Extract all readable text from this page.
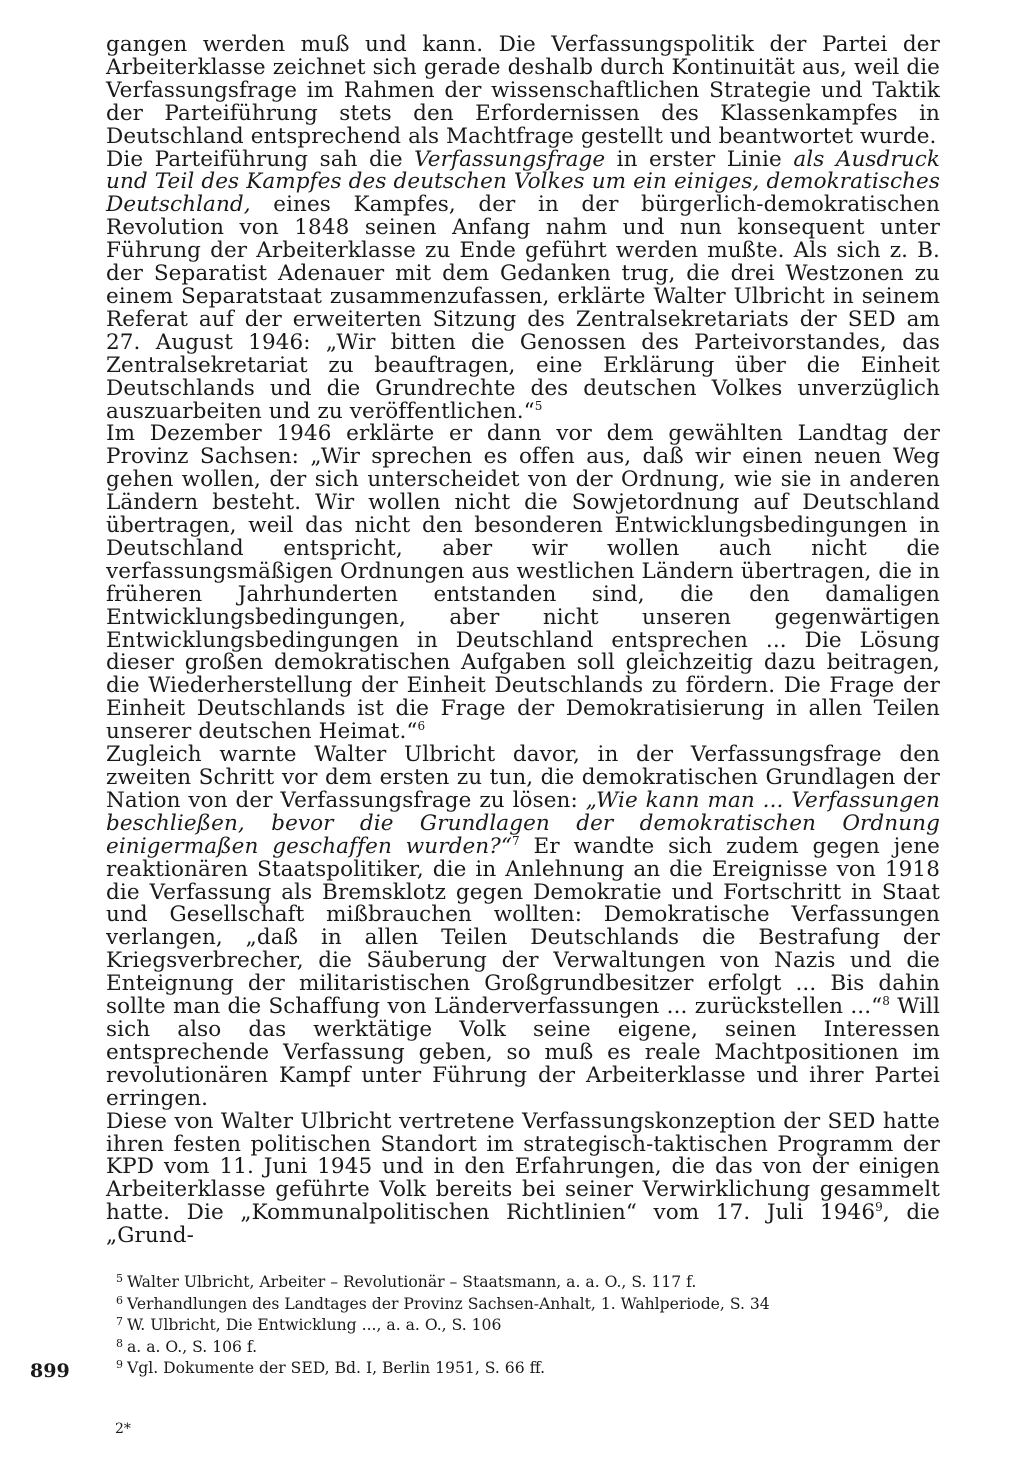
gangen werden muß und kann. Die Verfassungspolitik der Partei der Arbeiterklasse zeichnet sich gerade deshalb durch Kontinuität aus, weil die Verfassungsfrage im Rahmen der wissenschaftlichen Strategie und Taktik der Parteiführung stets den Erfordernissen des Klassenkampfes in Deutschland entsprechend als Machtfrage gestellt und beantwortet wurde.

Die Parteiführung sah die Verfassungsfrage in erster Linie als Ausdruck und Teil des Kampfes des deutschen Volkes um ein einiges, demokratisches Deutschland, eines Kampfes, der in der bürgerlich-demokratischen Revolution von 1848 seinen Anfang nahm und nun konsequent unter Führung der Arbeiterklasse zu Ende geführt werden mußte. Als sich z. B. der Separatist Adenauer mit dem Gedanken trug, die drei Westzonen zu einem Separatstaat zusammenzufassen, erklärte Walter Ulbricht in seinem Referat auf der erweiterten Sitzung des Zentralsekretariats der SED am 27. August 1946: „Wir bitten die Genossen des Parteivorstandes, das Zentralsekretariat zu beauftragen, eine Erklärung über die Einheit Deutschlands und die Grundrechte des deutschen Volkes unverzüglich auszuarbeiten und zu veröffentlichen.“$^5$

Im Dezember 1946 erklärte er dann vor dem gewählten Landtag der Provinz Sachsen: „Wir sprechen es offen aus, daß wir einen neuen Weg gehen wollen, der sich unterscheidet von der Ordnung, wie sie in anderen Ländern besteht. Wir wollen nicht die Sowjetordnung auf Deutschland übertragen, weil das nicht den besonderen Entwicklungsbedingungen in Deutschland entspricht, aber wir wollen auch nicht die verfassungsmäßigen Ordnungen aus westlichen Ländern übertragen, die in früheren Jahrhunderten entstanden sind, die den damaligen Entwicklungsbedingungen, aber nicht unseren gegenwärtigen Entwicklungsbedingungen in Deutschland entsprechen ... Die Lösung dieser großen demokratischen Aufgaben soll gleichzeitig dazu beitragen, die Wiederherstellung der Einheit Deutschlands zu fördern. Die Frage der Einheit Deutschlands ist die Frage der Demokratisierung in allen Teilen unserer deutschen Heimat.“$^6$

Zugleich warnte Walter Ulbricht davor, in der Verfassungsfrage den zweiten Schritt vor dem ersten zu tun, die demokratischen Grundlagen der Nation von der Verfassungsfrage zu lösen: „Wie kann man ... Verfassungen beschließen, bevor die Grundlagen der demokratischen Ordnung einigermaßen geschaffen wurden?“$^7$ Er wandte sich zudem gegen jene reaktionären Staatspolitiker, die in Anlehnung an die Ereignisse von 1918 die Verfassung als Bremsklotz gegen Demokratie und Fortschritt in Staat und Gesellschaft mißbrauchen wollten: Demokratische Verfassungen verlangen, „daß in allen Teilen Deutschlands die Bestrafung der Kriegsverbrecher, die Säuberung der Verwaltungen von Nazis und die Enteignung der militaristischen Großgrundbesitzer erfolgt ... Bis dahin sollte man die Schaffung von Länderverfassungen ... zurückstellen ...“$^8$ Will sich also das werktätige Volk seine eigene, seinen Interessen entsprechende Verfassung geben, so muß es reale Machtpositionen im revolutionären Kampf unter Führung der Arbeiterklasse und ihrer Partei erringen.

Diese von Walter Ulbricht vertretene Verfassungskonzeption der SED hatte ihren festen politischen Standort im strategisch-taktischen Programm der KPD vom 11. Juni 1945 und in den Erfahrungen, die das von der einigen Arbeiterklasse geführte Volk bereits bei seiner Verwirklichung gesammelt hatte. Die „Kommunalpolitischen Richtlinien“ vom 17. Juli 1946$^9$, die „Grund-

$^5$ Walter Ulbricht, Arbeiter – Revolutionär – Staatsmann, a. a. O., S. 117 f.
$^6$ Verhandlungen des Landtages der Provinz Sachsen-Anhalt, 1. Wahlperiode, S. 34
$^7$ W. Ulbricht, Die Entwicklung ..., a. a. O., S. 106
$^8$ a. a. O., S. 106 f.
$^9$ Vgl. Dokumente der SED, Bd. I, Berlin 1951, S. 66 ff.
899
2*
